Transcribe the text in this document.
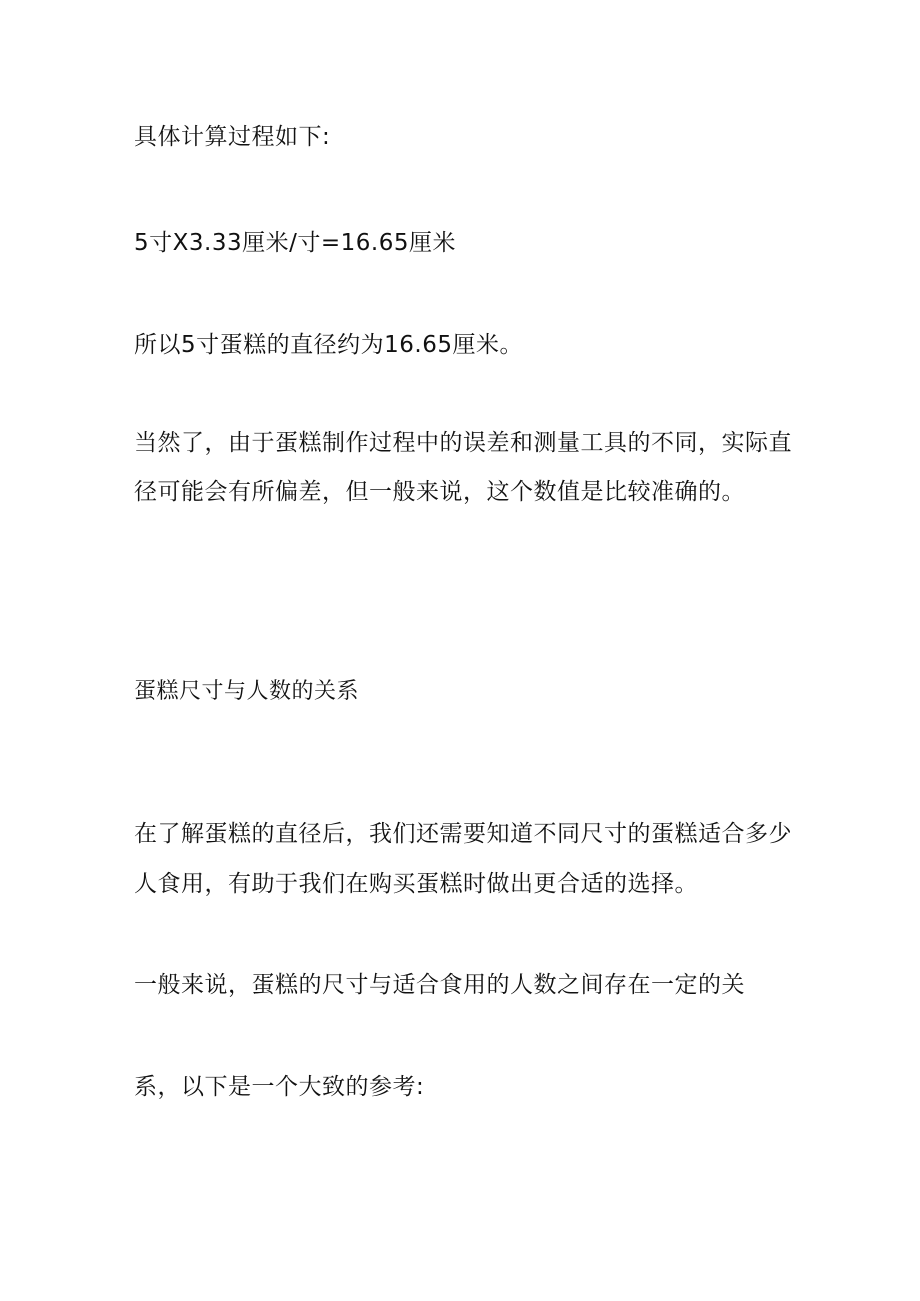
具体计算过程如下:
5寸X3.33厘米/寸=16.65厘米
所以5寸蛋糕的直径约为16.65厘米。
当然了，由于蛋糕制作过程中的误差和测量工具的不同，实际直
径可能会有所偏差，但一般来说，这个数值是比较准确的。
蛋糕尺寸与人数的关系
在了解蛋糕的直径后，我们还需要知道不同尺寸的蛋糕适合多少
人食用，有助于我们在购买蛋糕时做出更合适的选择。
一般来说，蛋糕的尺寸与适合食用的人数之间存在一定的关
系，以下是一个大致的参考:
